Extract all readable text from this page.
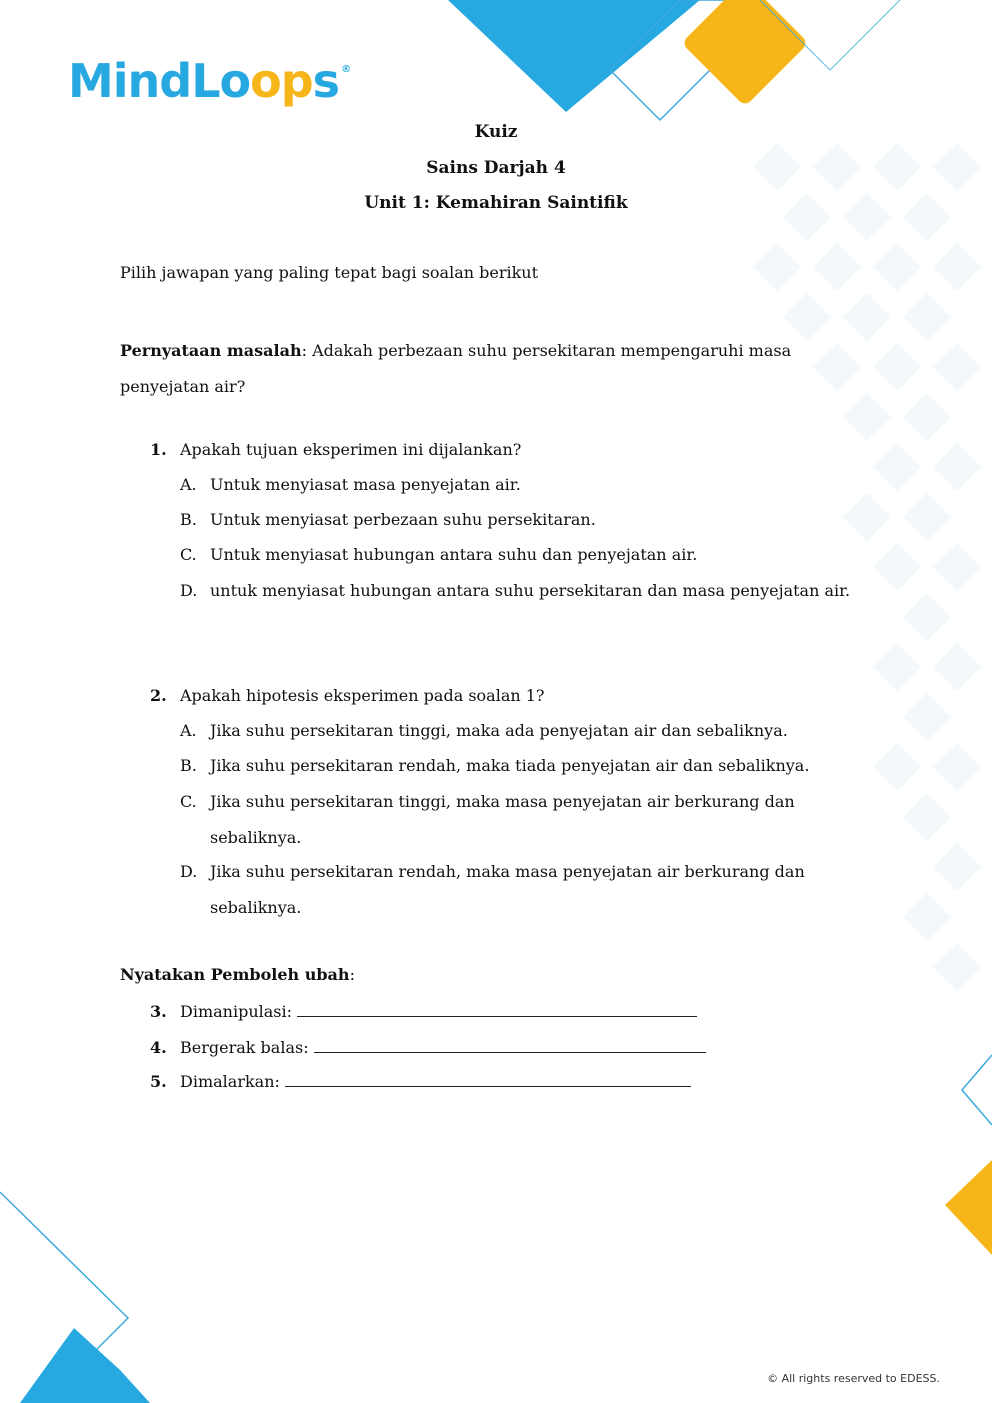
Mind Lo op s ®
Kuiz
Sains Darjah 4
Unit 1: Kemahiran Saintifik
Pilih jawapan yang paling tepat bagi soalan berikut
Pernyataan masalah: Adakah perbezaan suhu persekitaran mempengaruhi masa penyejatan air?
1. Apakah tujuan eksperimen ini dijalankan?
A. Untuk menyiasat masa penyejatan air.
B. Untuk menyiasat perbezaan suhu persekitaran.
C. Untuk menyiasat hubungan antara suhu dan penyejatan air.
D. untuk menyiasat hubungan antara suhu persekitaran dan masa penyejatan air.
2. Apakah hipotesis eksperimen pada soalan 1?
A. Jika suhu persekitaran tinggi, maka ada penyejatan air dan sebaliknya.
B. Jika suhu persekitaran rendah, maka tiada penyejatan air dan sebaliknya.
C. Jika suhu persekitaran tinggi, maka masa penyejatan air berkurang dan sebaliknya.
D. Jika suhu persekitaran rendah, maka masa penyejatan air berkurang dan sebaliknya.
Nyatakan Pemboleh ubah:
3. Dimanipulasi:
4. Bergerak balas:
5. Dimalarkan:
© All rights reserved to EDESS.
